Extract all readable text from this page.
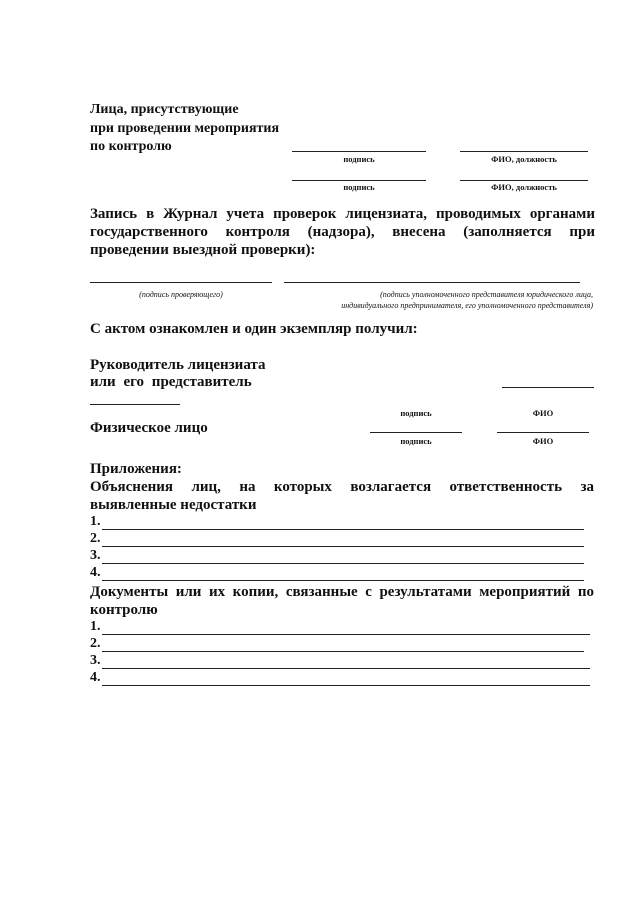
Лица, присутствующие
при проведении мероприятия
по контролю
подпись	ФИО, должность
подпись	ФИО, должность
Запись в Журнал учета проверок лицензиата, проводимых органами
государственного контроля (надзора), внесена (заполняется при
проведении выездной проверки):
(подпись проверяющего)	(подпись уполномоченного представителя юридического лица,
индивидуального предпринимателя, его уполномоченного представителя)
С актом ознакомлен и один экземпляр получил:
Руководитель лицензиата
или его представитель
подпись	ФИО
Физическое лицо
подпись	ФИО
Приложения:
Объяснения лиц, на которых возлагается ответственность за
выявленные недостатки
1.
2.
3.
4.
Документы или их копии, связанные с результатами мероприятий по
контролю
1.
2.
3.
4.
